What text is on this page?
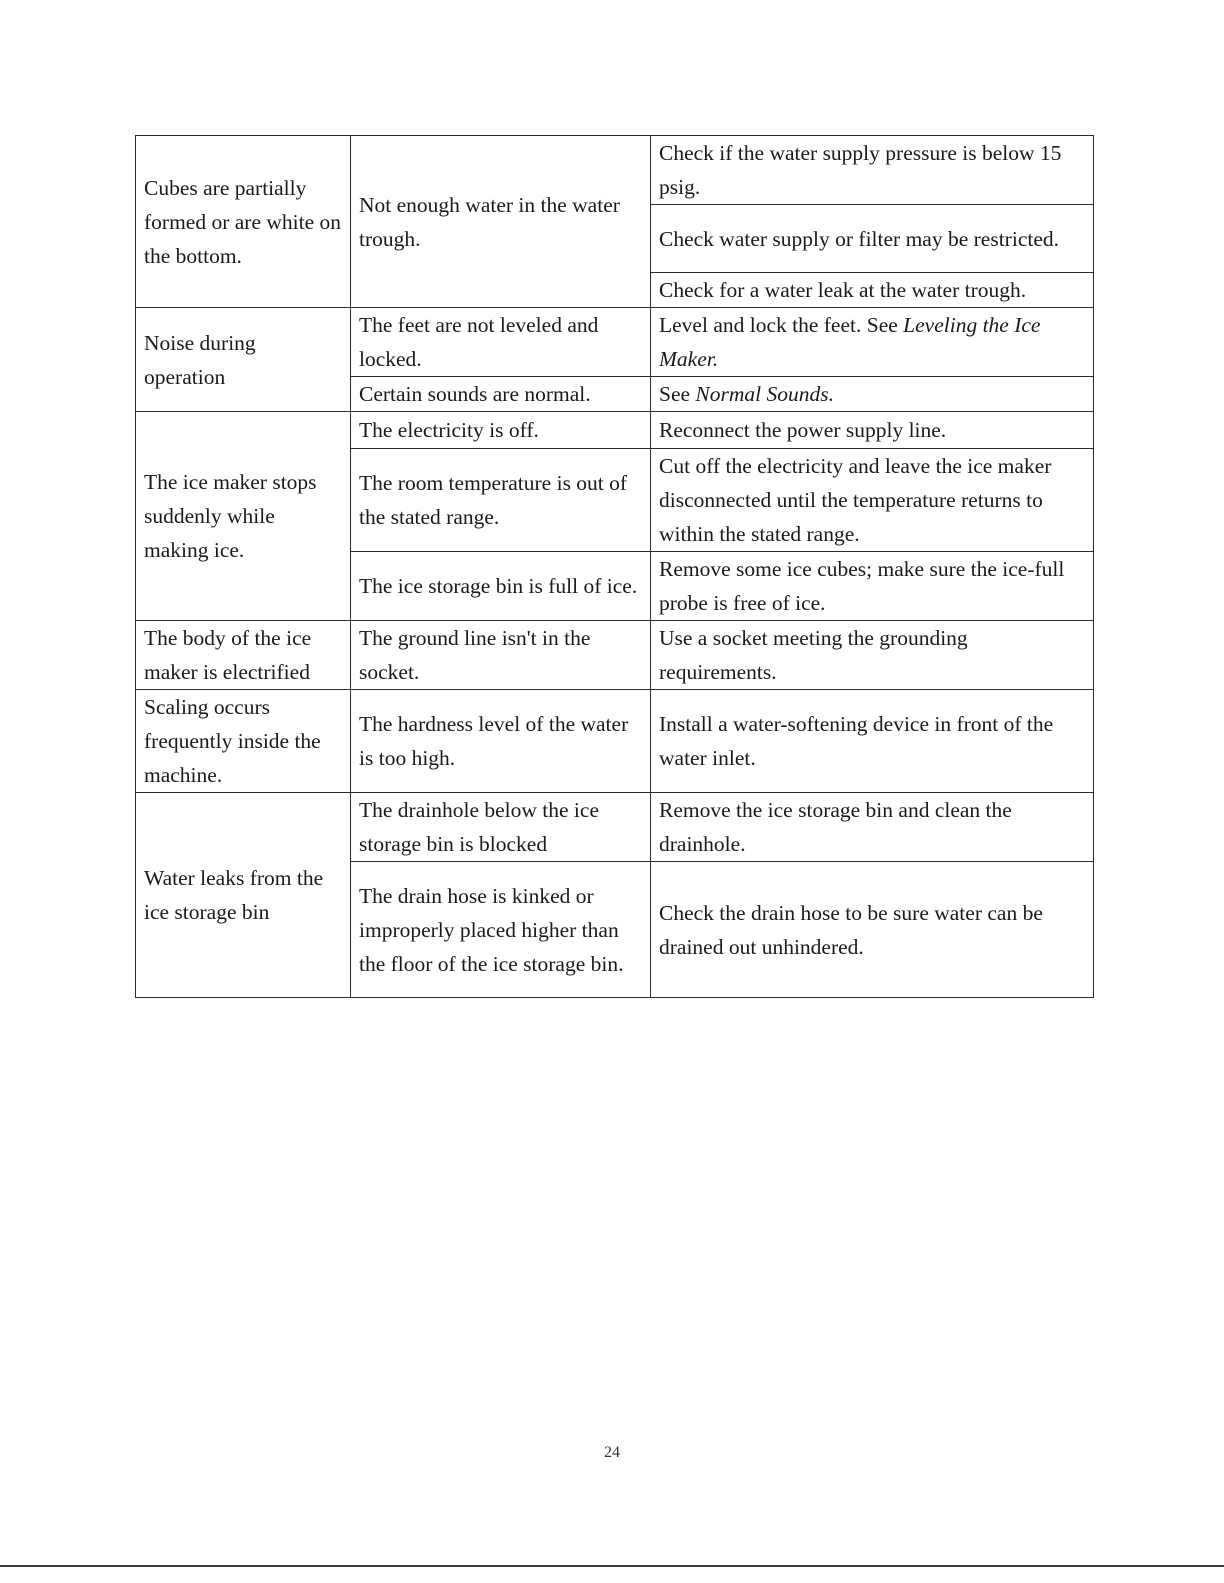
Cubes are partially formed or are white on the bottom.	Not enough water in the water trough.	Check if the water supply pressure is below 15 psig.
		Check water supply or filter may be restricted.
		Check for a water leak at the water trough.
Noise during operation	The feet are not leveled and locked.	Level and lock the feet. See Leveling the Ice Maker.
	Certain sounds are normal.	See Normal Sounds.
The ice maker stops suddenly while making ice.	The electricity is off.	Reconnect the power supply line.
	The room temperature is out of the stated range.	Cut off the electricity and leave the ice maker disconnected until the temperature returns to within the stated range.
	The ice storage bin is full of ice.	Remove some ice cubes; make sure the ice-full probe is free of ice.
The body of the ice maker is electrified	The ground line isn't in the socket.	Use a socket meeting the grounding requirements.
Scaling occurs frequently inside the machine.	The hardness level of the water is too high.	Install a water-softening device in front of the water inlet.
Water leaks from the ice storage bin	The drainhole below the ice storage bin is blocked	Remove the ice storage bin and clean the drainhole.
	The drain hose is kinked or improperly placed higher than the floor of the ice storage bin.	Check the drain hose to be sure water can be drained out unhindered.
24
